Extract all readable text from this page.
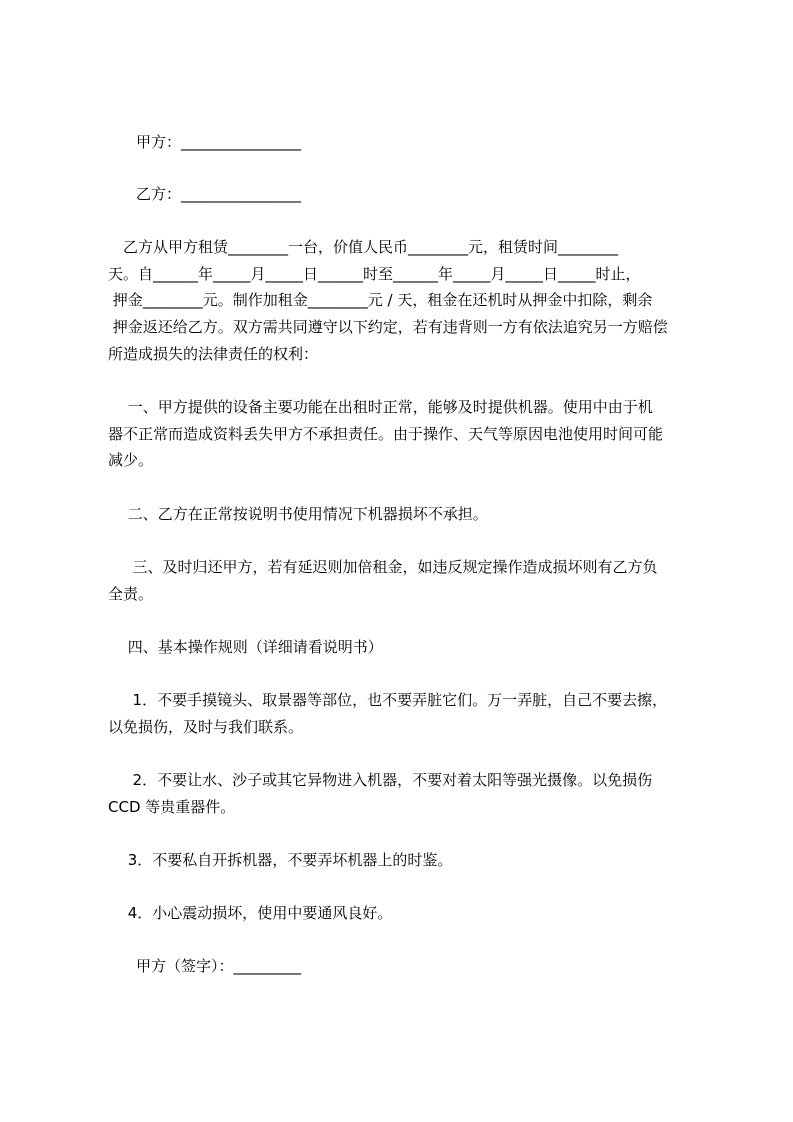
甲方：________________

乙方：________________

　乙方从甲方租赁________一台，价值人民币________元，租赁时间________

天。自______年_____月_____日______时至______年_____月_____日_____时止，

押金________元。制作加租金________元 / 天，租金在还机时从押金中扣除，剩余

押金返还给乙方。双方需共同遵守以下约定，若有违背则一方有依法追究另一方赔偿

所造成损失的法律责任的权利：

　 一、甲方提供的设备主要功能在出租时正常，能够及时提供机器。使用中由于机

器不正常而造成资料丢失甲方不承担责任。由于操作、天气等原因电池使用时间可能

减少。

　 二、乙方在正常按说明书使用情况下机器损坏不承担。

　  三、及时归还甲方，若有延迟则加倍租金，如违反规定操作造成损坏则有乙方负

全责。

　 四、基本操作规则（详细请看说明书）

　  1．不要手摸镜头、取景器等部位，也不要弄脏它们。万一弄脏，自己不要去擦，

以免损伤，及时与我们联系。

　  2．不要让水、沙子或其它异物进入机器，不要对着太阳等强光摄像。以免损伤

CCD 等贵重器件。

　 3．不要私自开拆机器，不要弄坏机器上的时鉴。

　 4．小心震动损坏，使用中要通风良好。

甲方（签字）：_________
